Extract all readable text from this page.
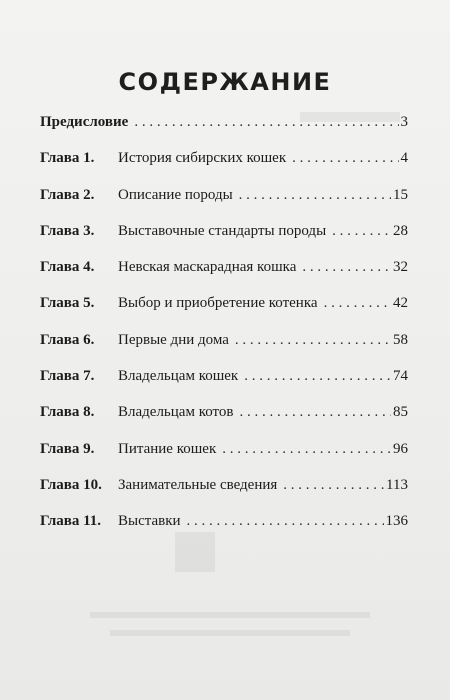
СОДЕРЖАНИЕ
Предисловие . . .	3
Глава 1.	История сибирских кошек . . .	4
Глава 2.	Описание породы . . .	15
Глава 3.	Выставочные стандарты породы . . .	28
Глава 4.	Невская маскарадная кошка . . .	32
Глава 5.	Выбор и приобретение котенка . . .	42
Глава 6.	Первые дни дома . . .	58
Глава 7.	Владельцам кошек . . .	74
Глава 8.	Владельцам котов . . .	85
Глава 9.	Питание кошек . . .	96
Глава 10.	Занимательные сведения . . .	113
Глава 11.	Выставки . . .	136
